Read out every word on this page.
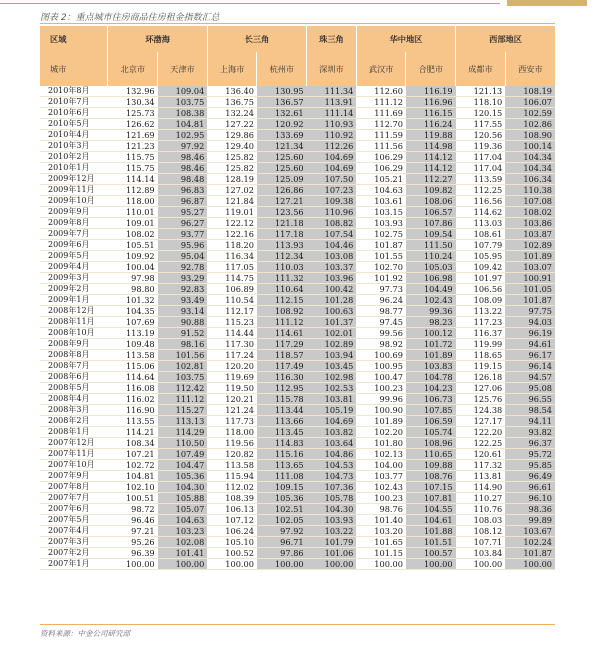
图表 2：重点城市住房商品住房租金指数汇总
区域	环渤海		长三角		珠三角	华中地区		西部地区	
城市	北京市	天津市	上海市	杭州市	深圳市	武汉市	合肥市	成都市	西安市
2010年8月	132.96	109.04	136.40	130.95	111.34	112.60	116.19	121.13	108.19
2010年7月	130.34	103.75	136.75	136.57	113.91	111.12	116.96	118.10	106.07
2010年6月	125.73	108.38	132.24	132.61	111.14	111.69	116.15	120.15	102.59
2010年5月	126.62	104.81	127.22	120.92	110.93	112.70	116.24	117.55	102.86
2010年4月	121.69	102.95	129.86	133.69	110.92	111.59	119.88	120.56	108.90
2010年3月	121.23	97.92	129.40	121.34	112.26	111.56	114.98	119.36	100.14
2010年2月	115.75	98.46	125.82	125.60	104.69	106.29	114.12	117.04	104.34
2010年1月	115.75	98.46	125.82	125.60	104.69	106.29	114.12	117.04	104.34
2009年12月	114.14	98.48	128.19	125.09	107.50	105.21	112.27	113.59	106.34
2009年11月	112.89	96.83	127.02	126.86	107.23	104.63	109.82	112.25	110.38
2009年10月	118.00	96.87	121.84	127.21	109.38	103.61	108.06	116.56	107.08
2009年9月	110.01	95.27	119.01	123.56	110.96	103.15	106.57	114.62	108.02
2009年8月	109.01	96.27	122.12	121.18	108.82	103.93	107.86	113.03	103.86
2009年7月	108.02	93.77	122.16	117.18	107.54	102.75	109.54	108.61	103.87
2009年6月	105.51	95.96	118.20	113.93	104.46	101.87	111.50	107.79	102.89
2009年5月	109.92	95.04	116.34	112.34	103.08	101.55	110.24	105.95	101.89
2009年4月	100.04	92.78	117.05	110.03	103.37	102.70	105.03	109.42	103.07
2009年3月	97.98	93.29	114.75	111.32	103.96	101.92	106.98	101.97	100.91
2009年2月	98.80	92.83	106.89	110.64	100.42	97.73	104.49	106.56	101.05
2009年1月	101.32	93.49	110.54	112.15	101.28	96.24	102.43	108.09	101.87
2008年12月	104.35	93.14	112.17	108.92	100.63	98.77	99.36	113.22	97.75
2008年11月	107.69	90.88	115.23	111.12	101.37	97.45	98.23	117.23	94.03
2008年10月	113.19	91.52	114.44	114.61	102.01	99.56	100.12	116.37	96.19
2008年9月	109.48	98.16	117.30	117.29	102.89	98.92	101.72	119.99	94.61
2008年8月	113.58	101.56	117.24	118.57	103.94	100.69	101.89	118.65	96.17
2008年7月	115.06	102.81	120.20	117.49	103.45	100.95	103.83	119.15	96.14
2008年6月	114.64	103.75	119.69	116.30	102.98	100.47	104.78	126.18	94.57
2008年5月	116.08	112.42	119.50	112.95	102.53	100.23	104.23	127.06	95.08
2008年4月	116.02	111.12	120.21	115.78	103.81	99.96	106.73	125.76	96.55
2008年3月	116.90	115.27	121.24	113.44	105.19	100.90	107.85	124.38	98.54
2008年2月	113.55	113.13	117.73	113.66	104.69	101.89	106.59	127.17	94.11
2008年1月	114.21	114.29	118.00	113.45	103.82	102.20	105.74	122.20	93.82
2007年12月	108.34	110.50	119.56	114.83	103.64	101.80	108.96	122.25	96.37
2007年11月	107.21	107.49	120.82	115.16	104.86	102.13	110.65	120.61	95.72
2007年10月	102.72	104.47	113.58	113.65	104.53	104.00	109.88	117.32	95.85
2007年9月	104.81	105.36	115.94	111.08	104.73	103.77	108.76	113.81	96.49
2007年8月	102.10	104.30	112.02	109.15	107.36	102.43	107.15	114.90	96.61
2007年7月	100.51	105.88	108.39	105.36	105.78	100.23	107.81	110.27	96.10
2007年6月	98.72	105.07	106.13	102.51	104.30	98.76	104.55	110.76	98.36
2007年5月	96.46	104.63	107.12	102.05	103.93	101.40	104.61	108.03	99.89
2007年4月	97.21	103.23	106.24	97.92	103.22	103.20	101.88	108.12	103.67
2007年3月	95.26	102.08	105.10	96.71	101.79	101.65	101.51	107.71	102.24
2007年2月	96.39	101.41	100.52	97.86	101.06	101.15	100.57	103.84	101.87
2007年1月	100.00	100.00	100.00	100.00	100.00	100.00	100.00	100.00	100.00
资料来源：中金公司研究部
